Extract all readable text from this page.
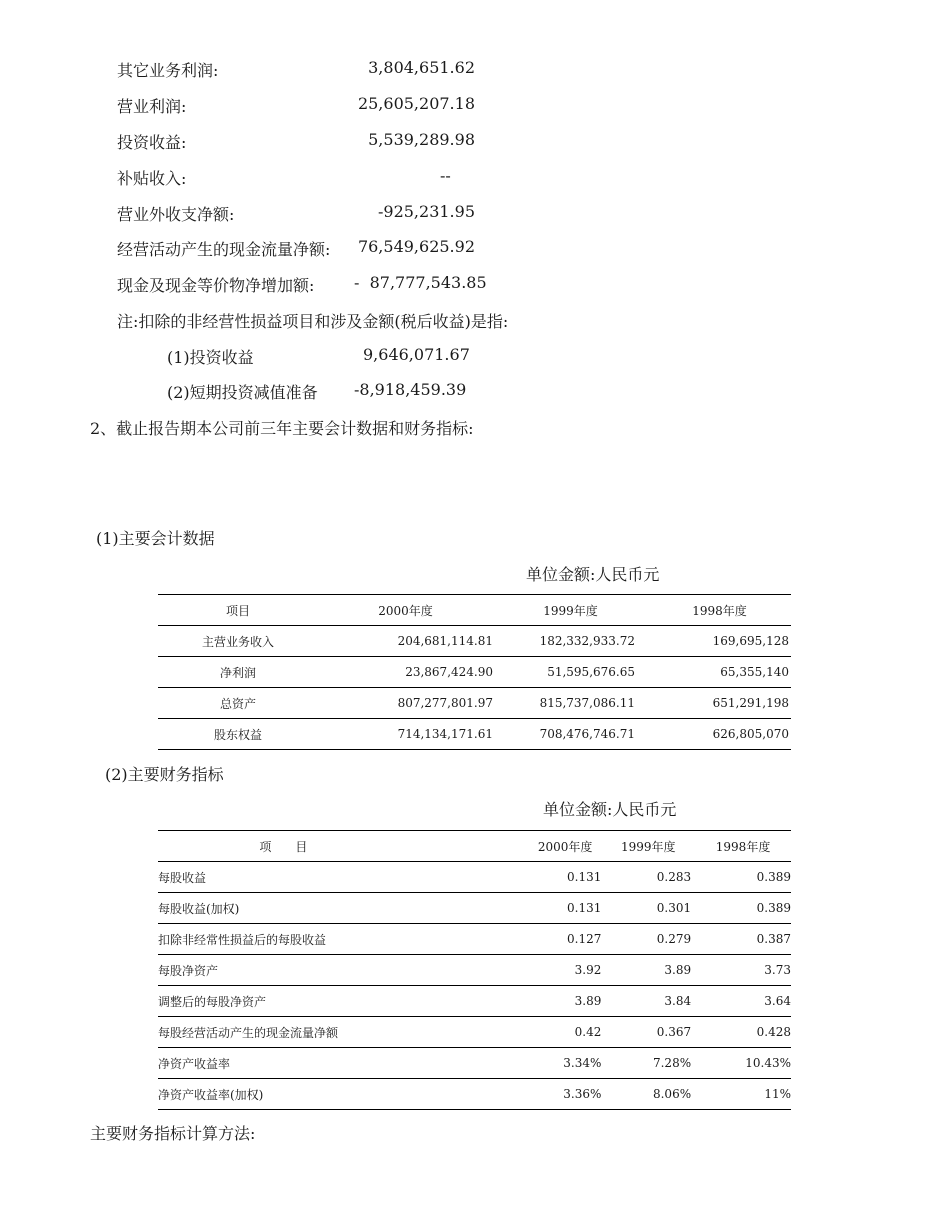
其它业务利润:	3,804,651.62
营业利润:	25,605,207.18
投资收益:	5,539,289.98
补贴收入:	--
营业外收支净额:	-925,231.95
经营活动产生的现金流量净额:	76,549,625.92
现金及现金等价物净增加额: -  87,777,543.85
注:扣除的非经营性损益项目和涉及金额(税后收益)是指:
(1)投资收益	9,646,071.67
(2)短期投资减值准备 -8,918,459.39
2、截止报告期本公司前三年主要会计数据和财务指标:
(1)主要会计数据
单位金额:人民币元
项目	2000年度	1999年度	1998年度
主营业务收入	204,681,114.81	182,332,933.72	169,695,128
净利润	23,867,424.90	51,595,676.65	65,355,140
总资产	807,277,801.97	815,737,086.11	651,291,198
股东权益	714,134,171.61	708,476,746.71	626,805,070
(2)主要财务指标
单位金额:人民币元
项　　目	2000年度	1999年度	1998年度
每股收益	0.131	0.283	0.389
每股收益(加权)	0.131	0.301	0.389
扣除非经常性损益后的每股收益	0.127	0.279	0.387
每股净资产	3.92	3.89	3.73
调整后的每股净资产	3.89	3.84	3.64
每股经营活动产生的现金流量净额	0.42	0.367	0.428
净资产收益率	3.34%	7.28%	10.43%
净资产收益率(加权)	3.36%	8.06%	11%
主要财务指标计算方法:
